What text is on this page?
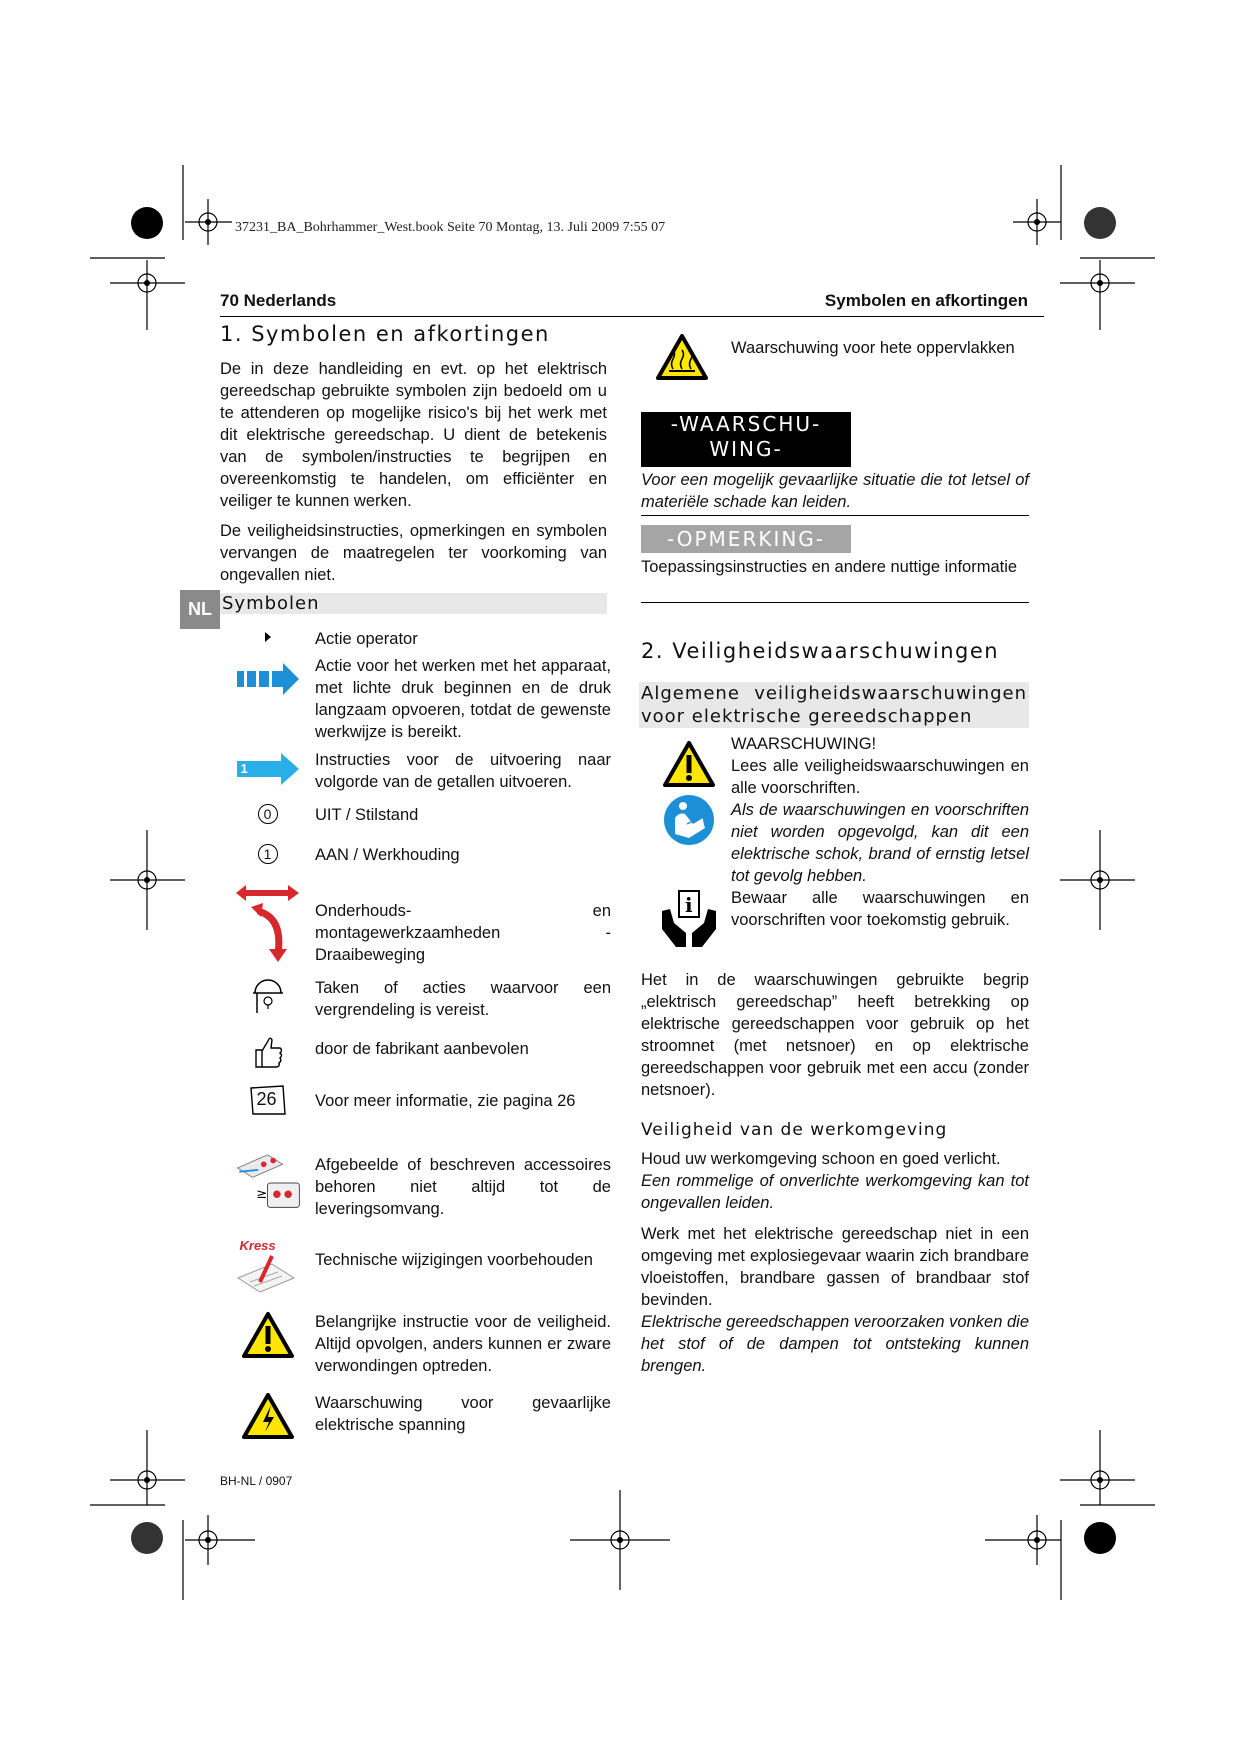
37231_BA_Bohrhammer_West.book Seite 70 Montag, 13. Juli 2009 7:55 07
70 Nederlands	Symbolen en afkortingen
NL
1. Symbolen en afkortingen

De in deze handleiding en evt. op het elektrisch gereedschap gebruikte symbolen zijn bedoeld om u te attenderen op mogelijke risico's bij het werk met dit elektrische gereedschap. U dient de betekenis van de symbolen/instructies te begrijpen en overeenkomstig te handelen, om efficiënter en veiliger te kunnen werken.

De veiligheidsinstructies, opmerkingen en symbolen vervangen de maatregelen ter voorkoming van ongevallen niet.

Symbolen
Actie operator
Actie voor het werken met het apparaat, met lichte druk beginnen en de druk langzaam opvoeren, totdat de gewenste werkwijze is bereikt.
1	Instructies voor de uitvoering naar volgorde van de getallen uitvoeren.
0	UIT / Stilstand
1	AAN / Werkhouding
Onderhouds- en montagewerkzaamheden - Draaibeweging
Taken of acties waarvoor een vergrendeling is vereist.
door de fabrikant aanbevolen
26 Voor meer informatie, zie pagina 26
≥
Afgebeelde of beschreven accessoires behoren niet altijd tot de leveringsomvang.
Kress
Technische wijzigingen voorbehouden
Belangrijke instructie voor de veiligheid. Altijd opvolgen, anders kunnen er zware verwondingen optreden.
Waarschuwing voor gevaarlijke elektrische spanning
Waarschuwing voor hete oppervlakken
-WAARSCHU-
WING-
Voor een mogelijk gevaarlijke situatie die tot letsel of materiële schade kan leiden.
-OPMERKING-
Toepassingsinstructies en andere nuttige informatie
2. Veiligheidswaarschuwingen
Algemene veiligheidswaarschuwingen voor elektrische gereedschappen
i

WAARSCHUWING!

Lees alle veiligheidswaarschuwingen en alle voorschriften.

Als de waarschuwingen en voorschriften niet worden opgevolgd, kan dit een elektrische schok, brand of ernstig letsel tot gevolg hebben.

Bewaar alle waarschuwingen en voorschriften voor toekomstig gebruik.

Het in de waarschuwingen gebruikte begrip „elektrisch gereedschap” heeft betrekking op elektrische gereedschappen voor gebruik op het stroomnet (met netsnoer) en op elektrische gereedschappen voor gebruik met een accu (zonder netsnoer).

Veiligheid van de werkomgeving

Houd uw werkomgeving schoon en goed verlicht.

Een rommelige of onverlichte werkomgeving kan tot ongevallen leiden.

Werk met het elektrische gereedschap niet in een omgeving met explosiegevaar waarin zich brandbare vloeistoffen, brandbare gassen of brandbaar stof bevinden.

Elektrische gereedschappen veroorzaken vonken die het stof of de dampen tot ontsteking kunnen brengen.

BH-NL / 0907
